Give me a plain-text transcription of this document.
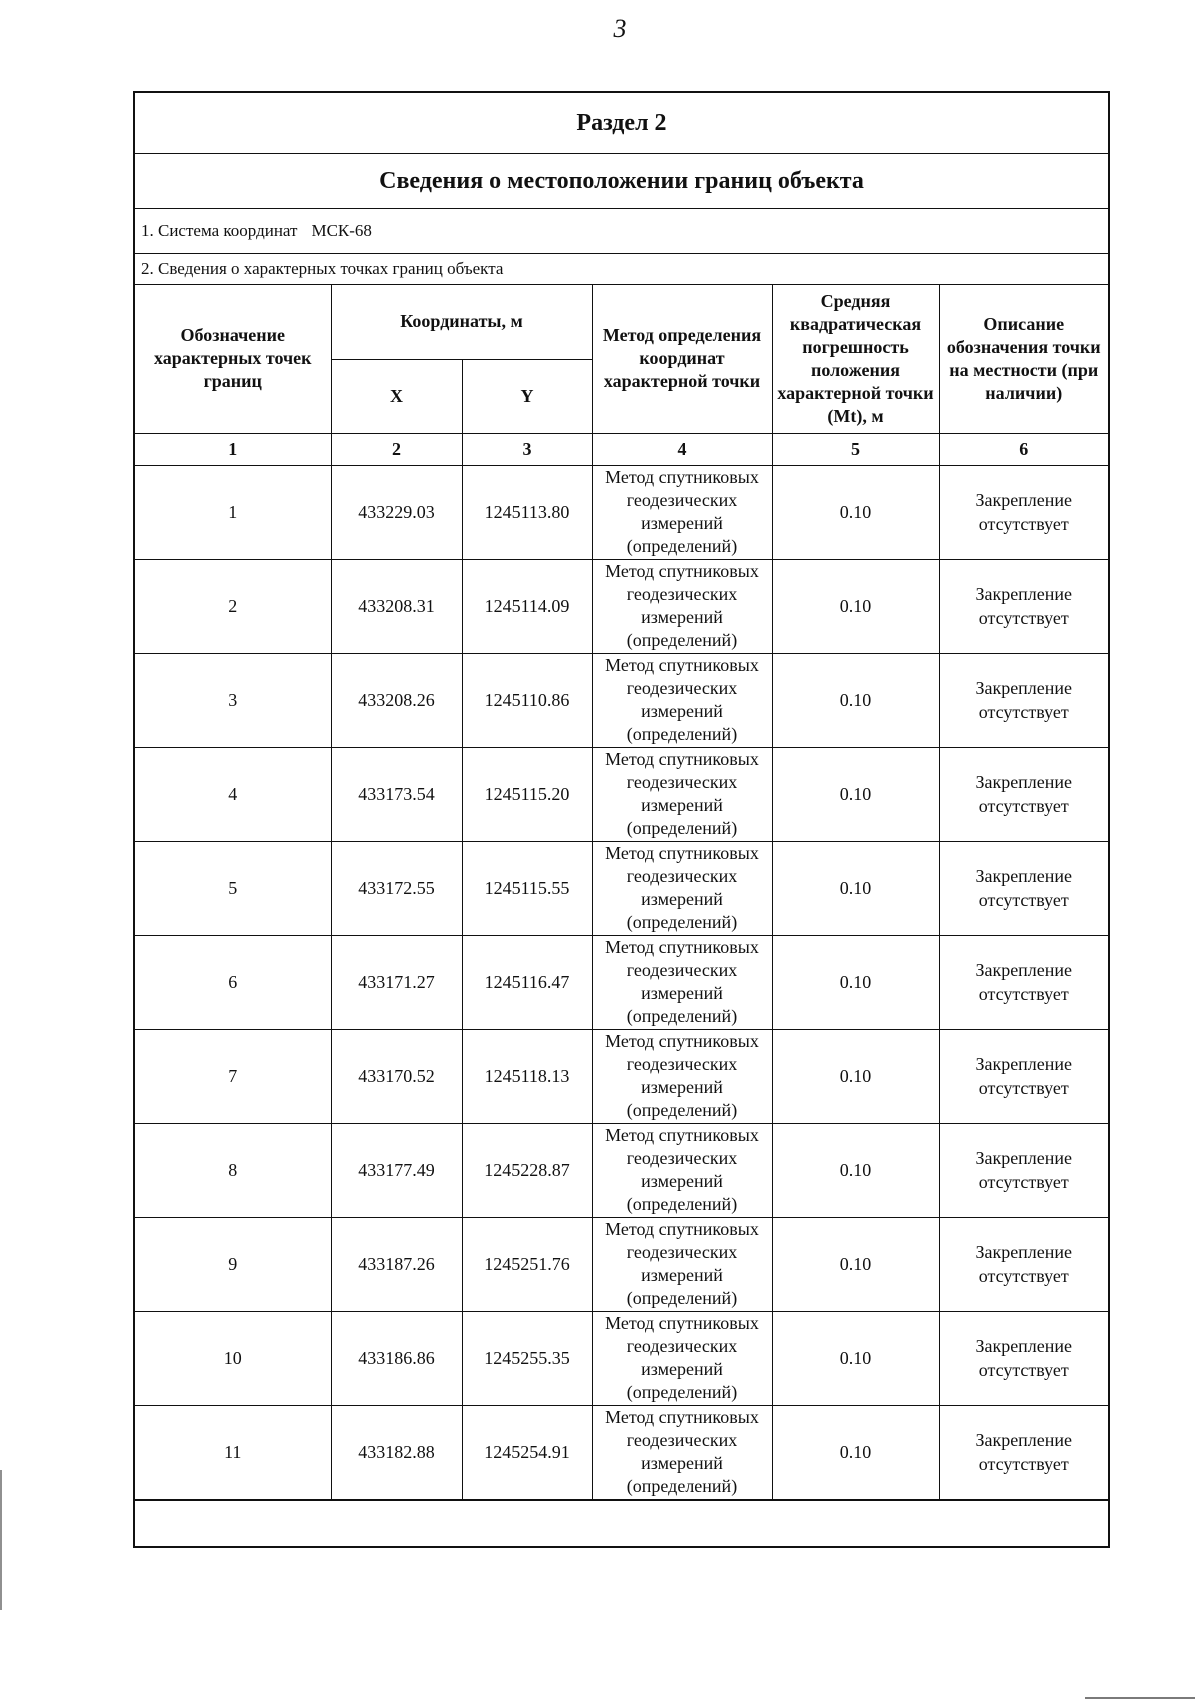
3
Раздел 2
Сведения о местоположении границ объекта
1. Система координат МСК-68
2. Сведения о характерных точках границ объекта
Обозначение характерных точек границ	Координаты, м		Метод определения координат характерной точки	Средняя квадратическая погрешность положения характерной точки (Mt), м	Описание обозначения точки на местности (при наличии)
	X	Y			
1	2	3	4	5	6
1	433229.03	1245113.80	Метод спутниковых геодезических измерений (определений)	0.10	Закрепление отсутствует
2	433208.31	1245114.09	Метод спутниковых геодезических измерений (определений)	0.10	Закрепление отсутствует
3	433208.26	1245110.86	Метод спутниковых геодезических измерений (определений)	0.10	Закрепление отсутствует
4	433173.54	1245115.20	Метод спутниковых геодезических измерений (определений)	0.10	Закрепление отсутствует
5	433172.55	1245115.55	Метод спутниковых геодезических измерений (определений)	0.10	Закрепление отсутствует
6	433171.27	1245116.47	Метод спутниковых геодезических измерений (определений)	0.10	Закрепление отсутствует
7	433170.52	1245118.13	Метод спутниковых геодезических измерений (определений)	0.10	Закрепление отсутствует
8	433177.49	1245228.87	Метод спутниковых геодезических измерений (определений)	0.10	Закрепление отсутствует
9	433187.26	1245251.76	Метод спутниковых геодезических измерений (определений)	0.10	Закрепление отсутствует
10	433186.86	1245255.35	Метод спутниковых геодезических измерений (определений)	0.10	Закрепление отсутствует
11	433182.88	1245254.91	Метод спутниковых геодезических измерений (определений)	0.10	Закрепление отсутствует
